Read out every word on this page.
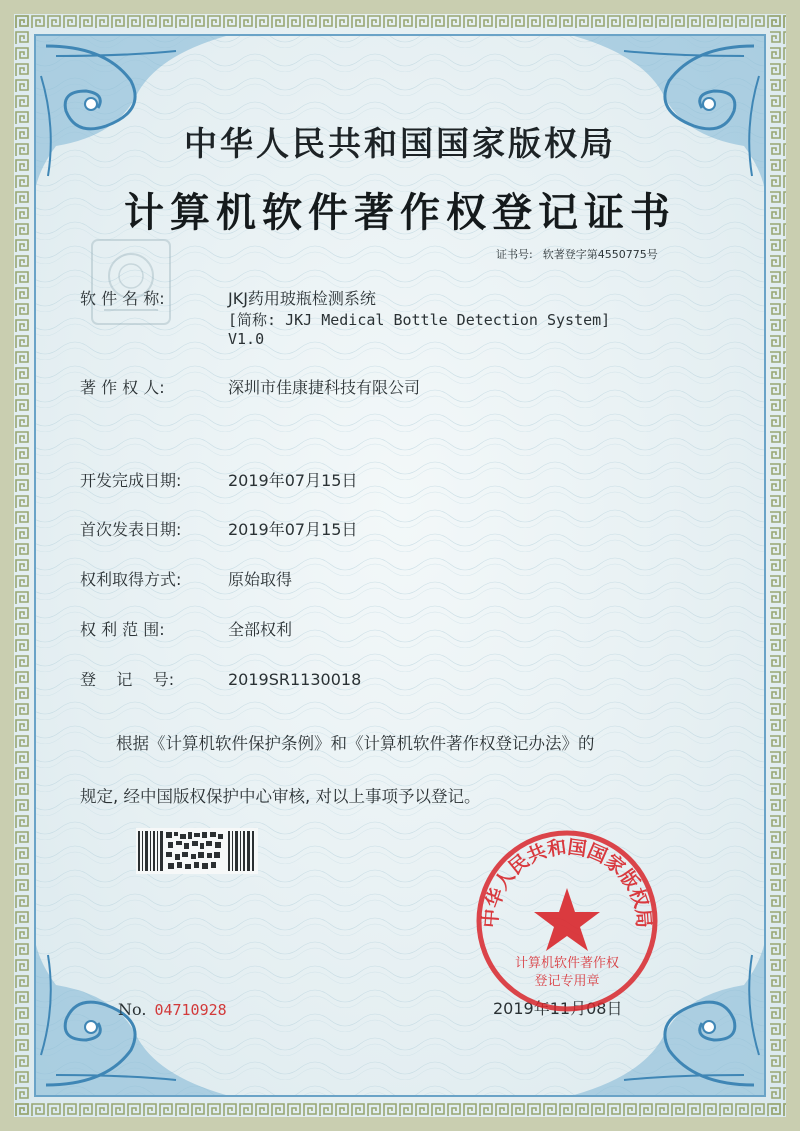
中华人民共和国国家版权局
计算机软件著作权登记证书
证书号: 软著登字第4550775号
软 件 名 称:	JKJ药用玻瓶检测系统
[简称: JKJ Medical Bottle Detection System]
V1.0
著 作 权 人:	深圳市佳康捷科技有限公司
开发完成日期:	2019年07月15日
首次发表日期:	2019年07月15日
权利取得方式:	原始取得
权 利 范 围:	全部权利
登    记    号:	2019SR1130018
根据《计算机软件保护条例》和《计算机软件著作权登记办法》的
规定, 经中国版权保护中心审核, 对以上事项予以登记。
No. 04710928	2019年11月08日
中华人民共和国国家版权局
计算机软件著作权
登记专用章
